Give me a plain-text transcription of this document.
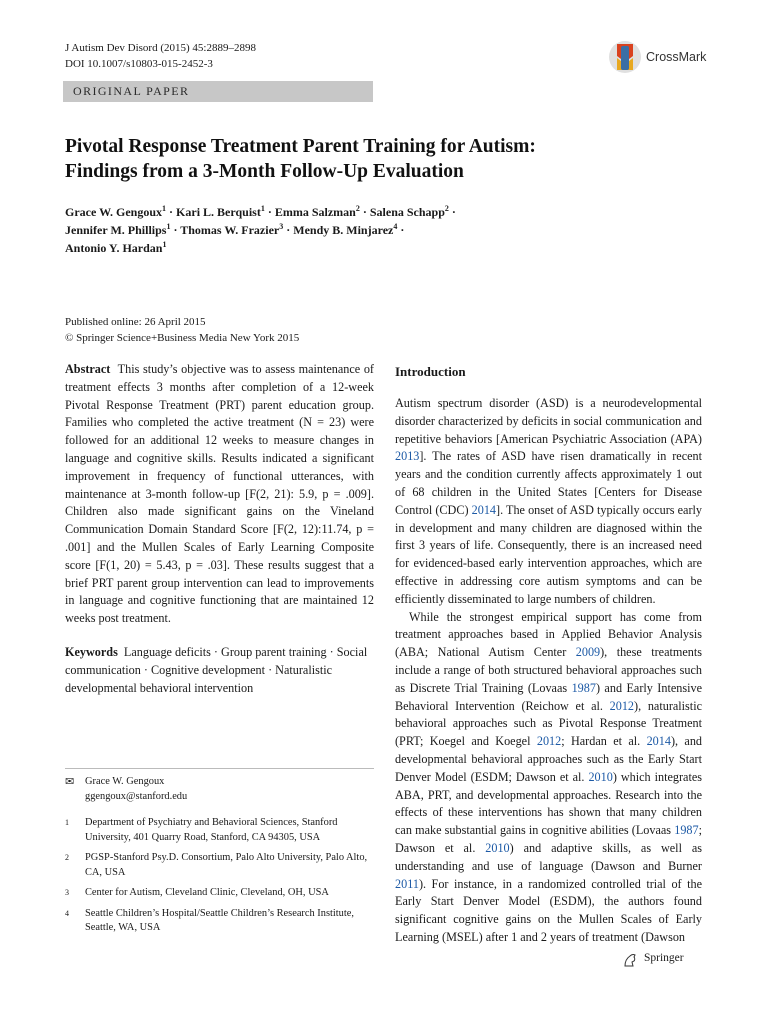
J Autism Dev Disord (2015) 45:2889–2898
DOI 10.1007/s10803-015-2452-3	CrossMark
ORIGINAL PAPER
Pivotal Response Treatment Parent Training for Autism:
Findings from a 3-Month Follow-Up Evaluation
Grace W. Gengoux$^1$ · Kari L. Berquist$^1$ · Emma Salzman$^2$ · Salena Schapp$^2$ ·
Jennifer M. Phillips$^1$ · Thomas W. Frazier$^3$ · Mendy B. Minjarez$^4$ ·
Antonio Y. Hardan$^1$
Published online: 26 April 2015
© Springer Science+Business Media New York 2015
Abstract This study’s objective was to assess maintenance of treatment effects 3 months after completion of a 12-week Pivotal Response Treatment (PRT) parent education group. Families who completed the active treatment (N = 23) were followed for an additional 12 weeks to measure changes in language and cognitive skills. Results indicated a significant improvement in frequency of functional utterances, with maintenance at 3-month follow-up [F(2, 21): 5.9, p = .009]. Children also made significant gains on the Vineland Communication Domain Standard Score [F(2, 12):11.74, p = .001] and the Mullen Scales of Early Learning Composite score [F(1, 20) = 5.43, p = .03]. These results suggest that a brief PRT parent group intervention can lead to improvements in language and cognitive functioning that are maintained 12 weeks post treatment.
Keywords Language deficits · Group parent training · Social communication · Cognitive development · Naturalistic developmental behavioral intervention
✉	Grace W. Gengoux
ggengoux@stanford.edu
1	Department of Psychiatry and Behavioral Sciences, Stanford University, 401 Quarry Road, Stanford, CA 94305, USA
2	PGSP-Stanford Psy.D. Consortium, Palo Alto University, Palo Alto, CA, USA
3	Center for Autism, Cleveland Clinic, Cleveland, OH, USA
4	Seattle Children’s Hospital/Seattle Children’s Research Institute, Seattle, WA, USA
Introduction

Autism spectrum disorder (ASD) is a neurodevelopmental disorder characterized by deficits in social communication and repetitive behaviors [American Psychiatric Association (APA) 2013]. The rates of ASD have risen dramatically in recent years and the condition currently affects approximately 1 out of 68 children in the United States [Centers for Disease Control (CDC) 2014]. The onset of ASD typically occurs early in development and many children are diagnosed within the first 3 years of life. Consequently, there is an increased need for evidenced-based early intervention approaches, which are effective in addressing core autism symptoms and can be efficiently disseminated to large numbers of children.

While the strongest empirical support has come from treatment approaches based in Applied Behavior Analysis (ABA; National Autism Center 2009), these treatments include a range of both structured behavioral approaches such as Discrete Trial Training (Lovaas 1987) and Early Intensive Behavioral Intervention (Reichow et al. 2012), naturalistic behavioral approaches such as Pivotal Response Treatment (PRT; Koegel and Koegel 2012; Hardan et al. 2014), and developmental behavioral approaches such as the Early Start Denver Model (ESDM; Dawson et al. 2010) which integrates ABA, PRT, and developmental approaches. Research into the effects of these interventions has shown that many children can make substantial gains in cognitive abilities (Lovaas 1987; Dawson et al. 2010) and adaptive skills, as well as understanding and use of language (Dawson and Burner 2011). For instance, in a randomized controlled trial of the Early Start Denver Model (ESDM), the authors found significant cognitive gains on the Mullen Scales of Early Learning (MSEL) after 1 and 2 years of treatment (Dawson

Springer
